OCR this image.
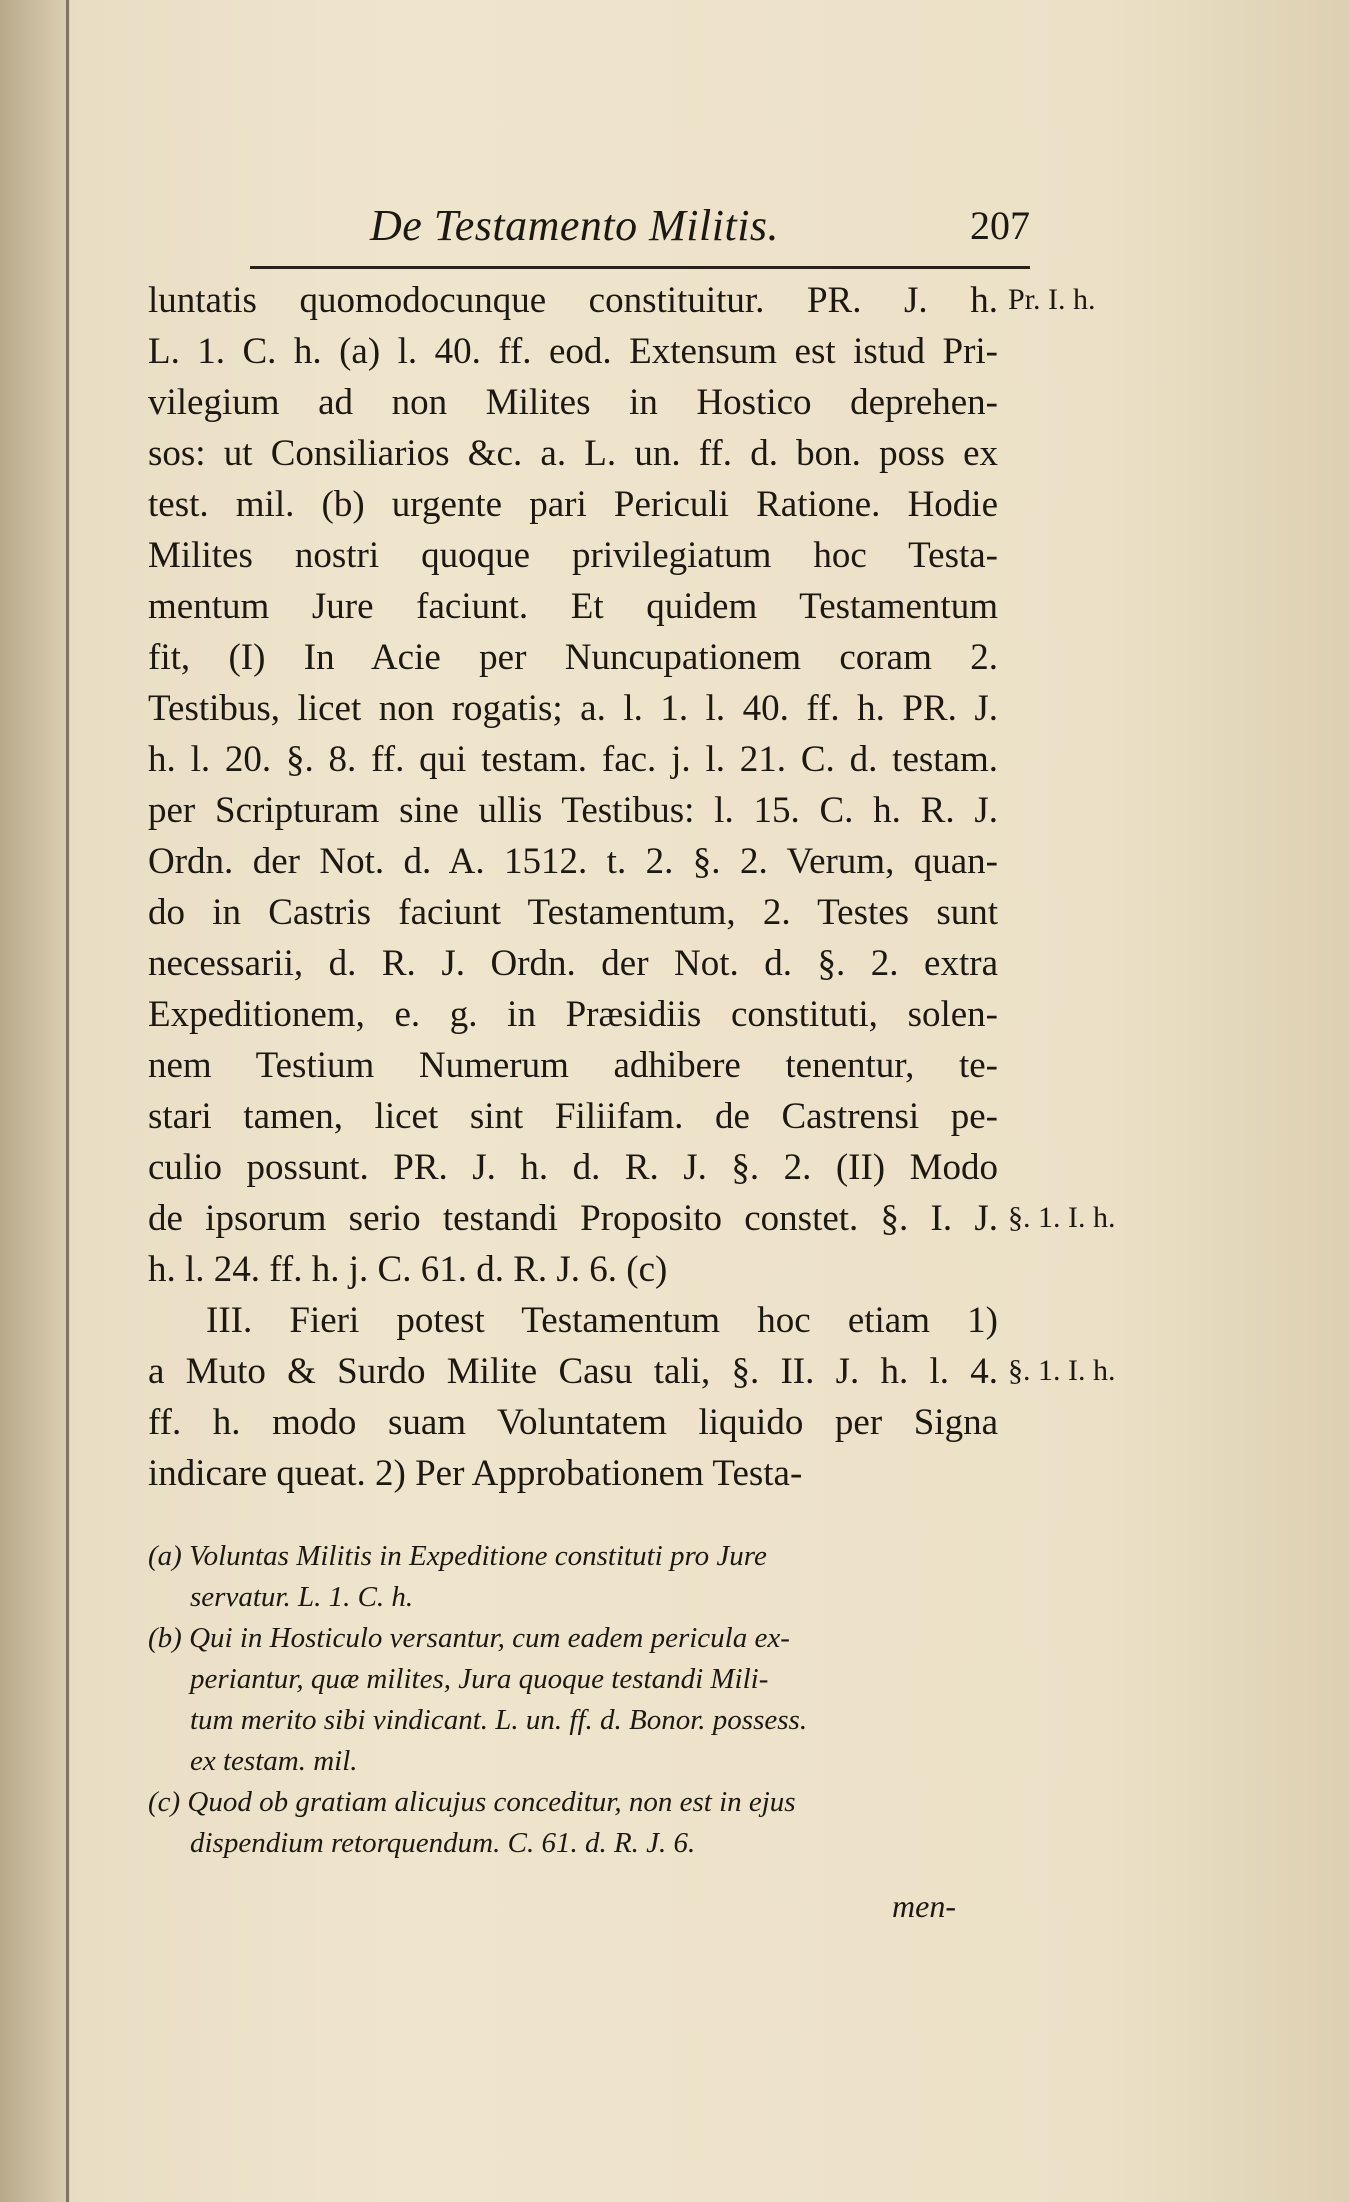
De Testamento Militis.	207
luntatis quomodocunque constituitur. PR. J. h.
L. 1. C. h. (a) l. 40. ff. eod. Extensum est istud Pri-
vilegium ad non Milites in Hostico deprehen-
sos: ut Consiliarios &c. a. L. un. ff. d. bon. poss ex
test. mil. (b) urgente pari Periculi Ratione. Hodie
Milites nostri quoque privilegiatum hoc Testa-
mentum Jure faciunt. Et quidem Testamentum
fit, (I) In Acie per Nuncupationem coram 2.
Testibus, licet non rogatis; a. l. 1. l. 40. ff. h. PR. J.
h. l. 20. §. 8. ff. qui testam. fac. j. l. 21. C. d. testam.
per Scripturam sine ullis Testibus: l. 15. C. h. R. J.
Ordn. der Not. d. A. 1512. t. 2. §. 2. Verum, quan-
do in Castris faciunt Testamentum, 2. Testes sunt
necessarii, d. R. J. Ordn. der Not. d. §. 2. extra
Expeditionem, e. g. in Præsidiis constituti, solen-
nem Testium Numerum adhibere tenentur, te-
stari tamen, licet sint Filiifam. de Castrensi pe-
culio possunt. PR. J. h. d. R. J. §. 2. (II) Modo
de ipsorum serio testandi Proposito constet. §. I. J.
h. l. 24. ff. h. j. C. 61. d. R. J. 6. (c)
III. Fieri potest Testamentum hoc etiam 1)
a Muto & Surdo Milite Casu tali, §. II. J. h. l. 4.
ff. h. modo suam Voluntatem liquido per Signa
indicare queat. 2) Per Approbationem Testa-
Pr. I. h.
§. 1. I. h.
§. 1. I. h.
(a) Voluntas Militis in Expeditione constituti pro Jure
servatur. L. 1. C. h.
(b) Qui in Hosticulo versantur, cum eadem pericula ex-
periantur, quæ milites, Jura quoque testandi Mili-
tum merito sibi vindicant. L. un. ff. d. Bonor. possess.
ex testam. mil.
(c) Quod ob gratiam alicujus conceditur, non est in ejus
dispendium retorquendum. C. 61. d. R. J. 6.
men-
